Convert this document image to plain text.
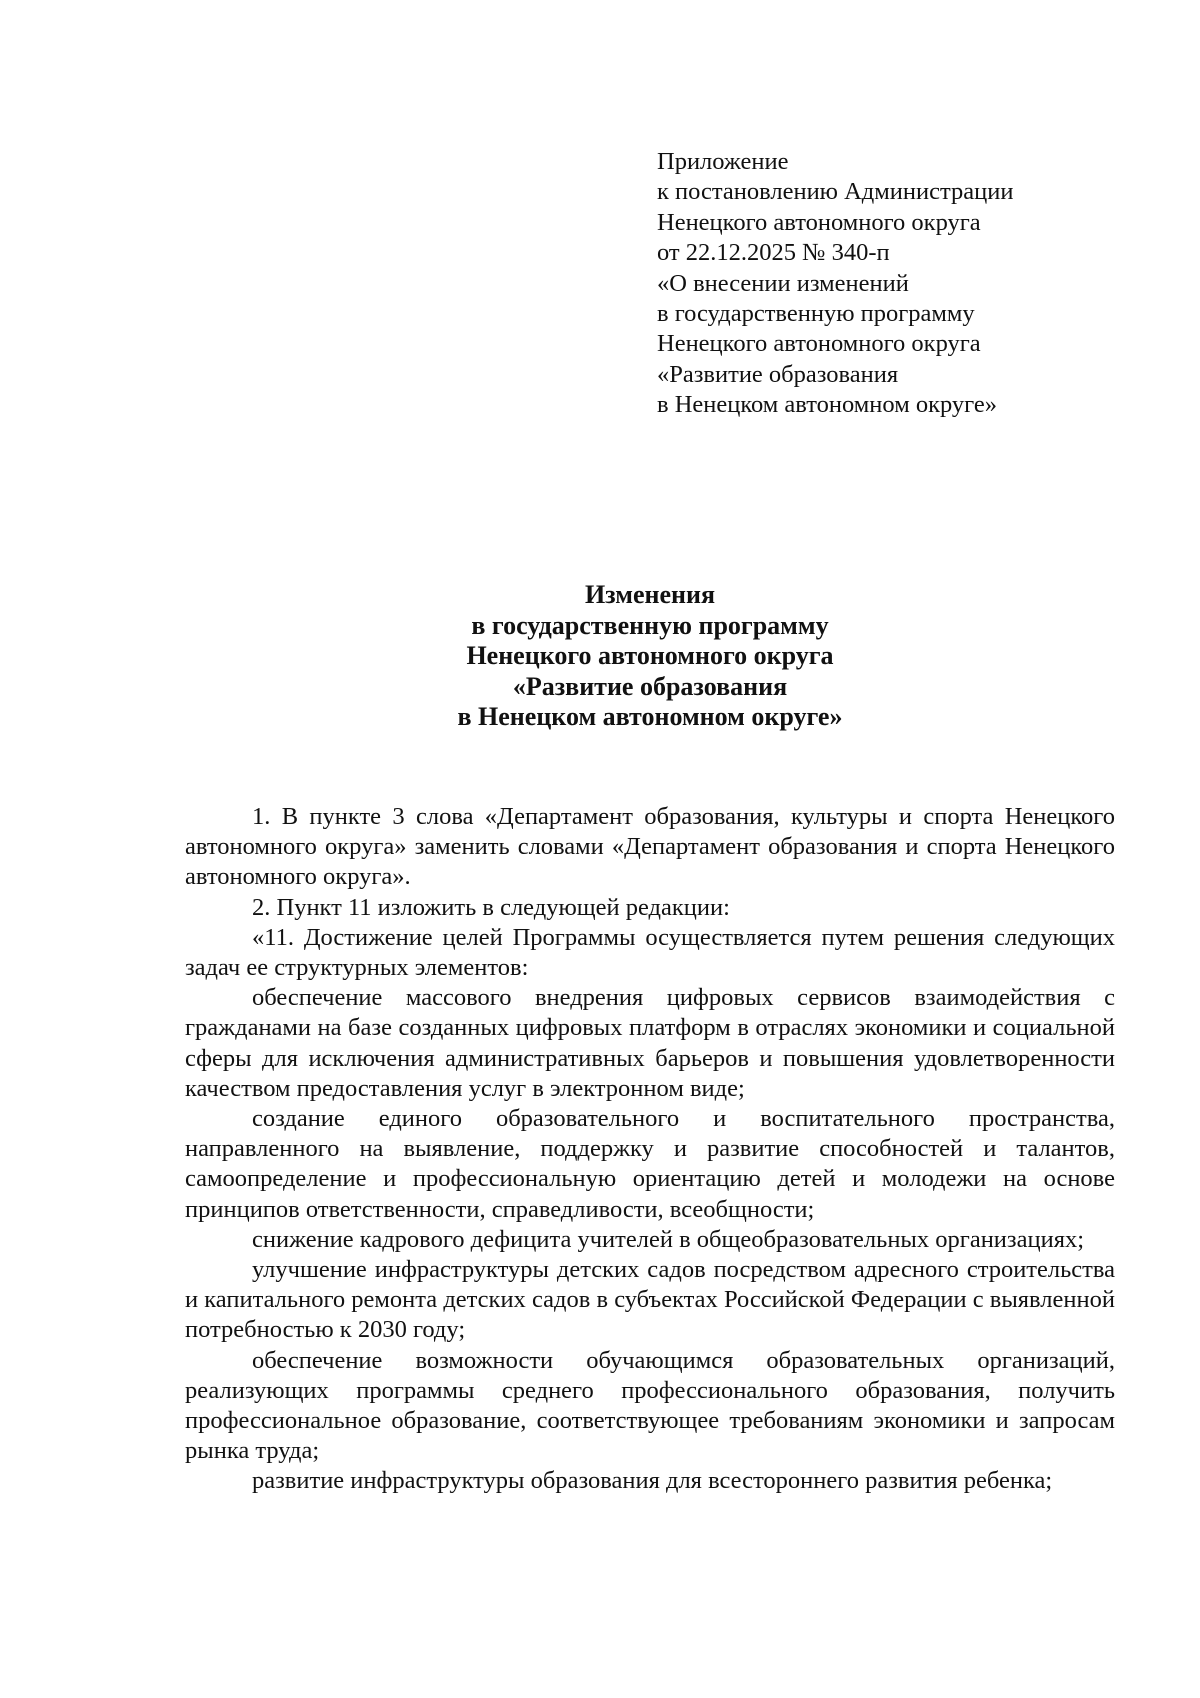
Приложение
к постановлению Администрации
Ненецкого автономного округа
от 22.12.2025 № 340-п
«О внесении изменений
в государственную программу
Ненецкого автономного округа
«Развитие образования
в Ненецком автономном округе»
Изменения
в государственную программу
Ненецкого автономного округа
«Развитие образования
в Ненецком автономном округе»

1. В пункте 3 слова «Департамент образования, культуры и спорта Ненецкого автономного округа» заменить словами «Департамент образования и спорта Ненецкого автономного округа».

2. Пункт 11 изложить в следующей редакции:

«11. Достижение целей Программы осуществляется путем решения следующих задач ее структурных элементов:

обеспечение массового внедрения цифровых сервисов взаимодействия с гражданами на базе созданных цифровых платформ в отраслях экономики и социальной сферы для исключения административных барьеров и повышения удовлетворенности качеством предоставления услуг в электронном виде;

создание единого образовательного и воспитательного пространства, направленного на выявление, поддержку и развитие способностей и талантов, самоопределение и профессиональную ориентацию детей и молодежи на основе принципов ответственности, справедливости, всеобщности;

снижение кадрового дефицита учителей в общеобразовательных организациях;

улучшение инфраструктуры детских садов посредством адресного строительства и капитального ремонта детских садов в субъектах Российской Федерации с выявленной потребностью к 2030 году;

обеспечение возможности обучающимся образовательных организаций, реализующих программы среднего профессионального образования, получить профессиональное образование, соответствующее требованиям экономики и запросам рынка труда;

развитие инфраструктуры образования для всестороннего развития ребенка;
